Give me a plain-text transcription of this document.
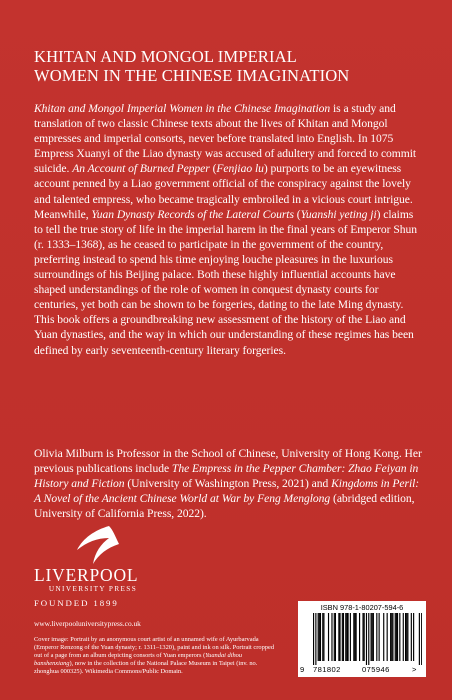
KHITAN AND MONGOL IMPERIAL
WOMEN IN THE CHINESE IMAGINATION

Khitan and Mongol Imperial Women in the Chinese Imagination is a study and translation of two classic Chinese texts about the lives of Khitan and Mongol empresses and imperial consorts, never before translated into English. In 1075 Empress Xuanyi of the Liao dynasty was accused of adultery and forced to commit suicide. An Account of Burned Pepper (Fenjiao lu) purports to be an eyewitness account penned by a Liao government official of the conspiracy against the lovely and talented empress, who became tragically embroiled in a vicious court intrigue. Meanwhile, Yuan Dynasty Records of the Lateral Courts (Yuanshi yeting ji) claims to tell the true story of life in the imperial harem in the final years of Emperor Shun (r. 1333–1368), as he ceased to participate in the government of the country, preferring instead to spend his time enjoying louche pleasures in the luxurious surroundings of his Beijing palace. Both these highly influential accounts have shaped understandings of the role of women in conquest dynasty courts for centuries, yet both can be shown to be forgeries, dating to the late Ming dynasty. This book offers a groundbreaking new assessment of the history of the Liao and Yuan dynasties, and the way in which our understanding of these regimes has been defined by early seventeenth-century literary forgeries.

Olivia Milburn is Professor in the School of Chinese, University of Hong Kong. Her previous publications include The Empress in the Pepper Chamber: Zhao Feiyan in History and Fiction (University of Washington Press, 2021) and Kingdoms in Peril: A Novel of the Ancient Chinese World at War by Feng Menglong (abridged edition, University of California Press, 2022).

LIVERPOOL
UNIVERSITY PRESS
FOUNDED 1899
www.liverpooluniversitypress.co.uk
Cover image: Portrait by an anonymous court artist of an unnamed wife of Ayurbarvada (Emperor Renzong of the Yuan dynasty; r. 1311–1320), paint and ink on silk. Portrait cropped out of a page from an album depicting consorts of Yuan emperors (Yuandai dihou banshenxiang), now in the collection of the National Palace Museum in Taipei (inv. no. zhonghua 000325). Wikimedia Commons/Public Domain.
ISBN 978-1-80207-594-6
9 781802	075946	>
